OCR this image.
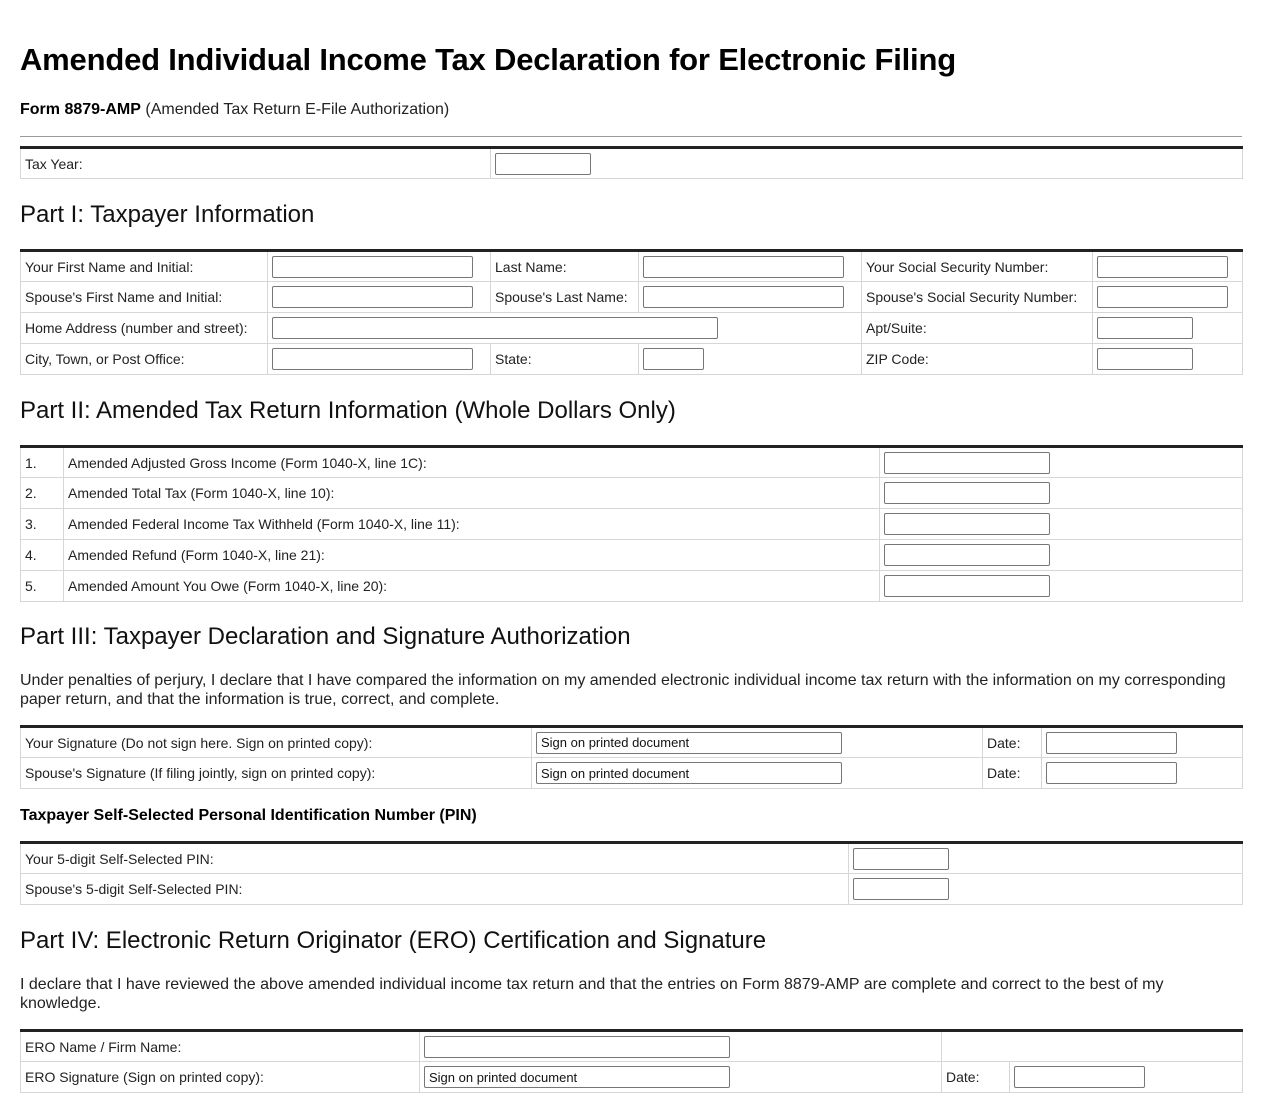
Amended Individual Income Tax Declaration for Electronic Filing
Form 8879-AMP (Amended Tax Return E-File Authorization)
Tax Year:	
Part I: Taxpayer Information
Your First Name and Initial:		Last Name:		Your Social Security Number:	

Spouse's First Name and Initial:		Spouse's Last Name:		Spouse's Social Security Number:	

Home Address (number and street):				Apt/Suite:	

City, Town, or Post Office:		State:		ZIP Code:	
Part II: Amended Tax Return Information (Whole Dollars Only)
1.	Amended Adjusted Gross Income (Form 1040-X, line 1C):	

2.	Amended Total Tax (Form 1040-X, line 10):	

3.	Amended Federal Income Tax Withheld (Form 1040-X, line 11):	

4.	Amended Refund (Form 1040-X, line 21):	

5.	Amended Amount You Owe (Form 1040-X, line 20):	
Part III: Taxpayer Declaration and Signature Authorization

Under penalties of perjury, I declare that I have compared the information on my amended electronic individual income tax return with the information on my corresponding paper return, and that the information is true, correct, and complete.

Your Signature (Do not sign here. Sign on printed copy):	
Sign on printed document	Date:	

Spouse's Signature (If filing jointly, sign on printed copy):	
Sign on printed document	Date:	
Taxpayer Self-Selected Personal Identification Number (PIN)
Your 5-digit Self-Selected PIN:	

Spouse's 5-digit Self-Selected PIN:	
Part IV: Electronic Return Originator (ERO) Certification and Signature

I declare that I have reviewed the above amended individual income tax return and that the entries on Form 8879-AMP are complete and correct to the best of my knowledge.

ERO Name / Firm Name:	

ERO Signature (Sign on printed copy):	
Sign on printed document	Date:	
